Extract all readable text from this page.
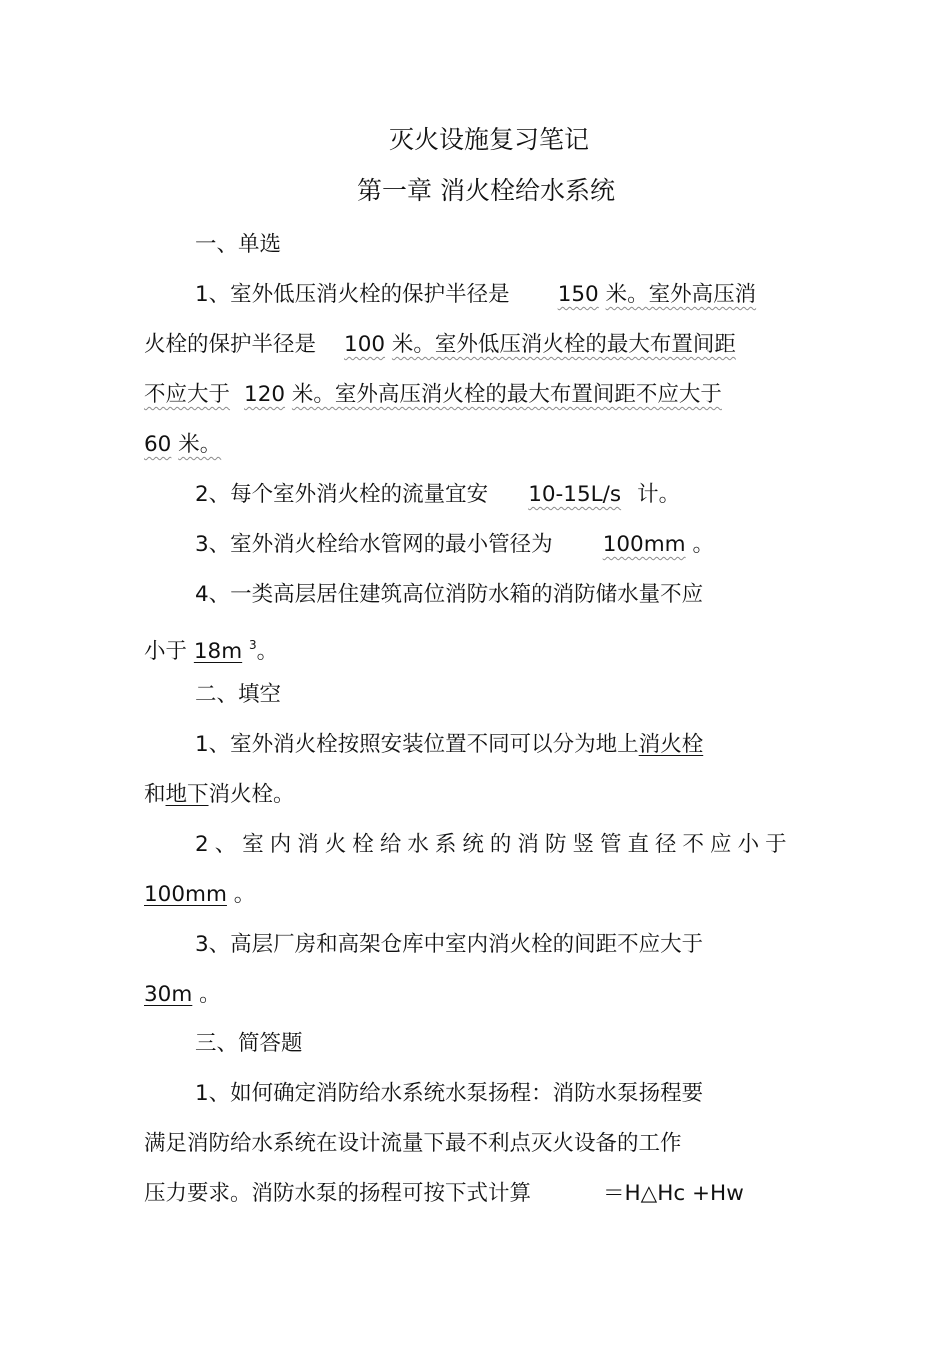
灭火设施复习笔记
第一章 消火栓给水系统
一、单选
1、室外低压消火栓的保护半径是 150 米。室外高压消
火栓的保护半径是 100 米。室外低压消火栓的最大布置间距
不应大于 120 米。室外高压消火栓的最大布置间距不应大于
60 米。
2、每个室外消火栓的流量宜安 10-15L/s 计。
3、室外消火栓给水管网的最小管径为 100mm 。
4、一类高层居住建筑高位消防水箱的消防储水量不应
小于 18m $^3$。
二、填空
1、室外消火栓按照安装位置不同可以分为地上消火栓
和地下消火栓。
2、室内消火栓给水系统的消防竖管直径不应小于
100mm 。
3、高层厂房和高架仓库中室内消火栓的间距不应大于
30m 。
三、简答题
1、如何确定消防给水系统水泵扬程：消防水泵扬程要
满足消防给水系统在设计流量下最不利点灭火设备的工作
压力要求。消防水泵的扬程可按下式计算	＝H△Hc +Hw
